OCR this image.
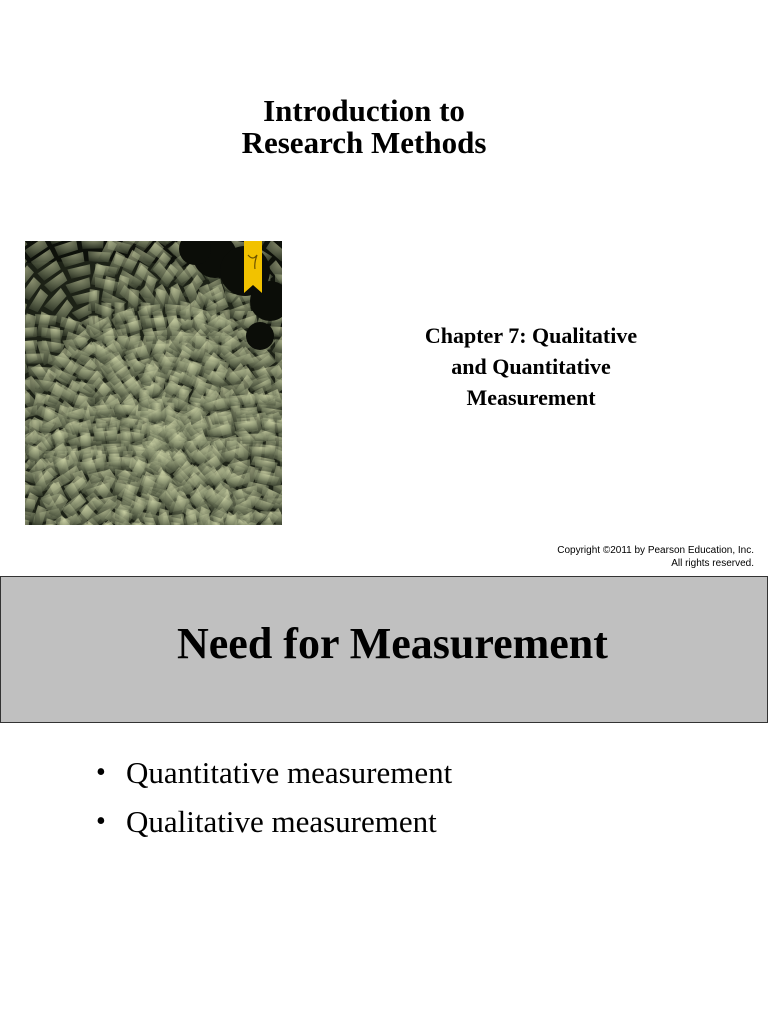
Introduction to
Research Methods
Chapter 7: Qualitative
and Quantitative
Measurement
Copyright ©2011 by Pearson Education, Inc.
All rights reserved.
Need for Measurement
• Quantitative measurement
• Qualitative measurement
